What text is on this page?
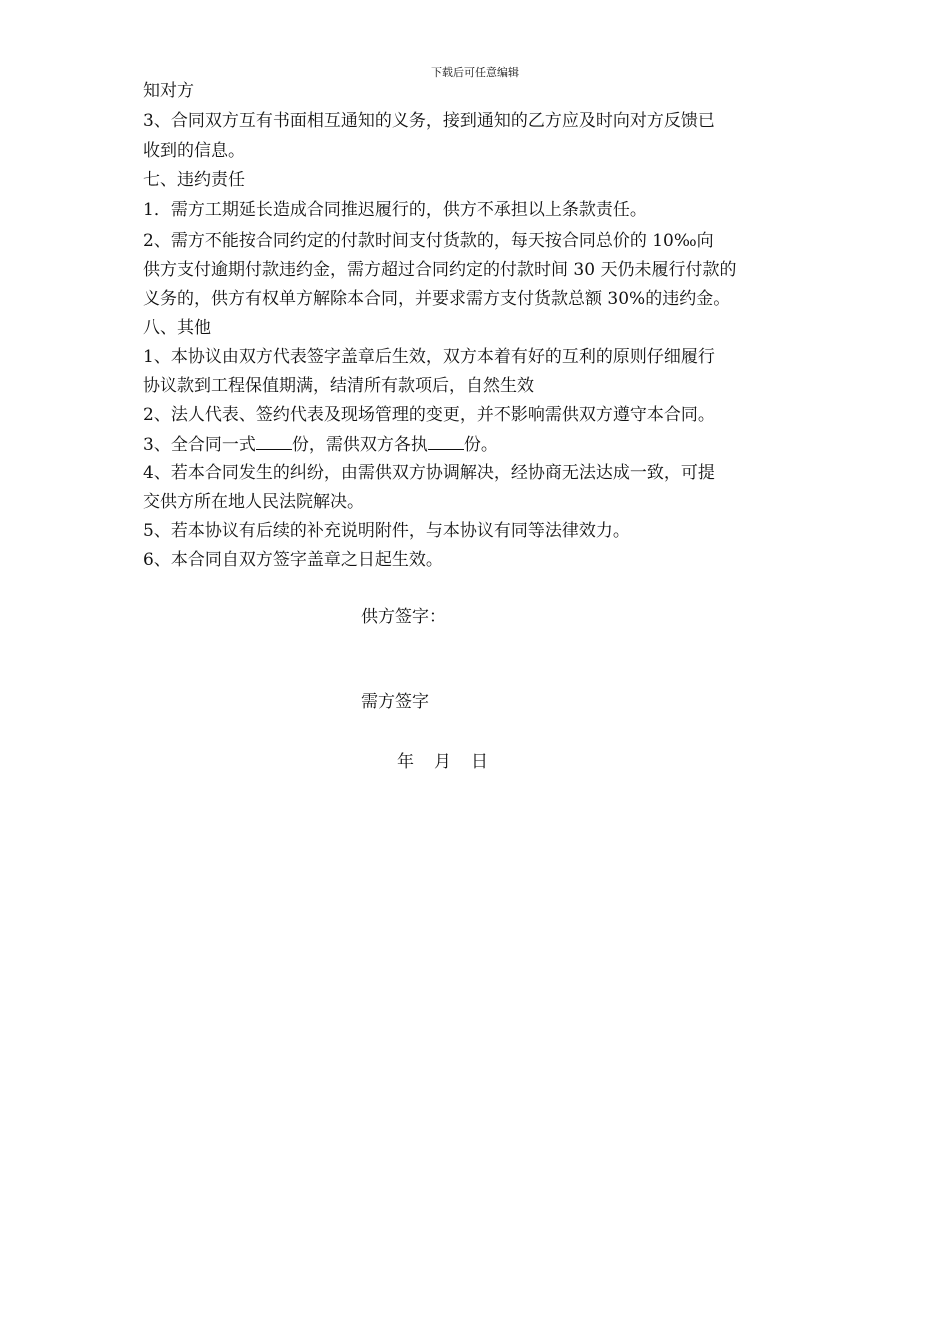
下载后可任意编辑
知对方
3、合同双方互有书面相互通知的义务，接到通知的乙方应及时向对方反馈已
收到的信息。
七、违约责任
1．需方工期延长造成合同推迟履行的，供方不承担以上条款责任。
2、需方不能按合同约定的付款时间支付货款的，每天按合同总价的 10‰向
供方支付逾期付款违约金，需方超过合同约定的付款时间 30 天仍未履行付款的
义务的，供方有权单方解除本合同，并要求需方支付货款总额 30%的违约金。
八、其他
1、本协议由双方代表签字盖章后生效，双方本着有好的互利的原则仔细履行
协议款到工程保值期满，结清所有款项后，自然生效
2、法人代表、签约代表及现场管理的变更，并不影响需供双方遵守本合同。
3、全合同一式 份，需供双方各执 份。
4、若本合同发生的纠纷，由需供双方协调解决，经协商无法达成一致，可提
交供方所在地人民法院解决。
5、若本协议有后续的补充说明附件，与本协议有同等法律效力。
6、本合同自双方签字盖章之日起生效。
供方签字：
需方签字
年 月 日
